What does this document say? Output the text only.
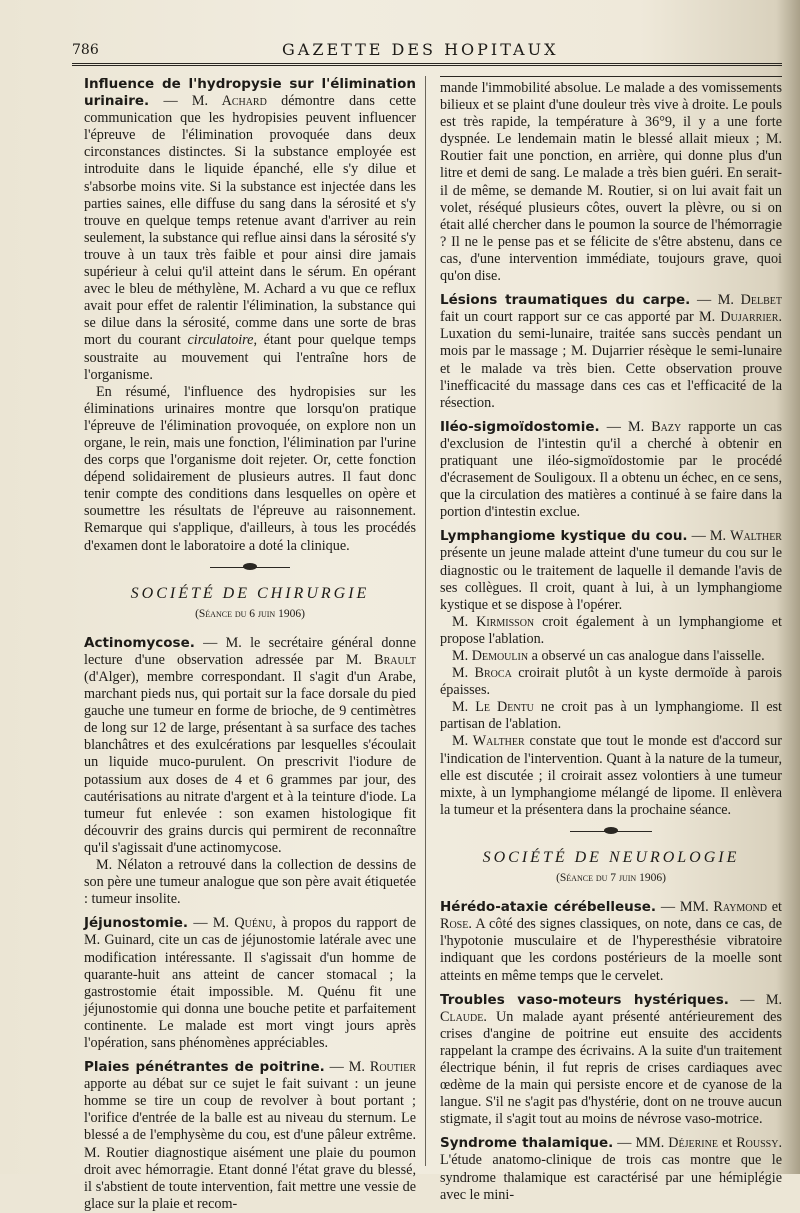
786	GAZETTE DES HOPITAUX

Influence de l'hydropysie sur l'élimination urinaire. — M. Achard démontre dans cette communication que les hydropisies peuvent influencer l'épreuve de l'élimination provoquée dans deux circonstances distinctes. Si la substance employée est introduite dans le liquide épanché, elle s'y dilue et s'absorbe moins vite. Si la substance est injectée dans les parties saines, elle diffuse du sang dans la sérosité et s'y trouve en quelque temps retenue avant d'arriver au rein seulement, la substance qui reflue ainsi dans la sérosité s'y trouve à un taux très faible et pour ainsi dire jamais supérieur à celui qu'il atteint dans le sérum. En opérant avec le bleu de méthylène, M. Achard a vu que ce reflux avait pour effet de ralentir l'élimination, la substance qui se dilue dans la sérosité, comme dans une sorte de bras mort du courant circulatoire, étant pour quelque temps soustraite au mouvement qui l'entraîne hors de l'organisme.

En résumé, l'influence des hydropisies sur les éliminations urinaires montre que lorsqu'on pratique l'épreuve de l'élimination provoquée, on explore non un organe, le rein, mais une fonction, l'élimination par l'urine des corps que l'organisme doit rejeter. Or, cette fonction dépend solidairement de plusieurs autres. Il faut donc tenir compte des conditions dans lesquelles on opère et soumettre les résultats de l'épreuve au raisonnement. Remarque qui s'applique, d'ailleurs, à tous les procédés d'examen dont le laboratoire a doté la clinique.

SOCIÉTÉ DE CHIRURGIE
(Séance du 6 juin 1906)

Actinomycose. — M. le secrétaire général donne lecture d'une observation adressée par M. Brault (d'Alger), membre correspondant. Il s'agit d'un Arabe, marchant pieds nus, qui portait sur la face dorsale du pied gauche une tumeur en forme de brioche, de 9 centimètres de long sur 12 de large, présentant à sa surface des taches blanchâtres et des exulcérations par lesquelles s'écoulait un liquide muco-purulent. On prescrivit l'iodure de potassium aux doses de 4 et 6 grammes par jour, des cautérisations au nitrate d'argent et à la teinture d'iode. La tumeur fut enlevée : son examen histologique fit découvrir des grains durcis qui permirent de reconnaître qu'il s'agissait d'une actinomycose.

M. Nélaton a retrouvé dans la collection de dessins de son père une tumeur analogue que son père avait étiquetée : tumeur insolite.

Jéjunostomie. — M. Quénu, à propos du rapport de M. Guinard, cite un cas de jéjunostomie latérale avec une modification intéressante. Il s'agissait d'un homme de quarante-huit ans atteint de cancer stomacal ; la gastrostomie était impossible. M. Quénu fit une jéjunostomie qui donna une bouche petite et parfaitement continente. Le malade est mort vingt jours après l'opération, sans phénomènes appréciables.

Plaies pénétrantes de poitrine. — M. Routier apporte au débat sur ce sujet le fait suivant : un jeune homme se tire un coup de revolver à bout portant ; l'orifice d'entrée de la balle est au niveau du sternum. Le blessé a de l'emphysème du cou, est d'une pâleur extrême. M. Routier diagnostique aisément une plaie du poumon droit avec hémorragie. Etant donné l'état grave du blessé, il s'abstient de toute intervention, fait mettre une vessie de glace sur la plaie et recom-

mande l'immobilité absolue. Le malade a des vomissements bilieux et se plaint d'une douleur très vive à droite. Le pouls est très rapide, la température à 36°9, il y a une forte dyspnée. Le lendemain matin le blessé allait mieux ; M. Routier fait une ponction, en arrière, qui donne plus d'un litre et demi de sang. Le malade a très bien guéri. En serait-il de même, se demande M. Routier, si on lui avait fait un volet, réséqué plusieurs côtes, ouvert la plèvre, ou si on était allé chercher dans le poumon la source de l'hémorragie ? Il ne le pense pas et se félicite de s'être abstenu, dans ce cas, d'une intervention immédiate, toujours grave, quoi qu'on dise.

Lésions traumatiques du carpe. — M. Delbet fait un court rapport sur ce cas apporté par M. Dujarrier. Luxation du semi-lunaire, traitée sans succès pendant un mois par le massage ; M. Dujarrier résèque le semi-lunaire et le malade va très bien. Cette observation prouve l'inefficacité du massage dans ces cas et l'efficacité de la résection.

Iléo-sigmoïdostomie. — M. Bazy rapporte un cas d'exclusion de l'intestin qu'il a cherché à obtenir en pratiquant une iléo-sigmoïdostomie par le procédé d'écrasement de Souligoux. Il a obtenu un échec, en ce sens, que la circulation des matières a continué à se faire dans la portion d'intestin exclue.

Lymphangiome kystique du cou. — M. Walther présente un jeune malade atteint d'une tumeur du cou sur le diagnostic ou le traitement de laquelle il demande l'avis de ses collègues. Il croit, quant à lui, à un lymphangiome kystique et se dispose à l'opérer.

M. Kirmisson croit également à un lymphangiome et propose l'ablation.

M. Demoulin a observé un cas analogue dans l'aisselle.

M. Broca croirait plutôt à un kyste dermoïde à parois épaisses.

M. Le Dentu ne croit pas à un lymphangiome. Il est partisan de l'ablation.

M. Walther constate que tout le monde est d'accord sur l'indication de l'intervention. Quant à la nature de la tumeur, elle est discutée ; il croirait assez volontiers à une tumeur mixte, à un lymphangiome mélangé de lipome. Il enlèvera la tumeur et la présentera dans la prochaine séance.

SOCIÉTÉ DE NEUROLOGIE
(Séance du 7 juin 1906)

Hérédo-ataxie cérébelleuse. — MM. Raymond et Rose. A côté des signes classiques, on note, dans ce cas, de l'hypotonie musculaire et de l'hyperesthésie vibratoire indiquant que les cordons postérieurs de la moelle sont atteints en même temps que le cervelet.

Troubles vaso-moteurs hystériques. — M. Claude. Un malade ayant présenté antérieurement des crises d'angine de poitrine eut ensuite des accidents rappelant la crampe des écrivains. A la suite d'un traitement électrique bénin, il fut repris de crises cardiaques avec œdème de la main qui persiste encore et de cyanose de la langue. S'il ne s'agit pas d'hystérie, dont on ne trouve aucun stigmate, il s'agit tout au moins de névrose vaso-motrice.

Syndrome thalamique. — MM. Déjerine et Roussy. L'étude anatomo-clinique de trois cas montre que le syndrome thalamique est caractérisé par une hémiplégie avec le mini-
